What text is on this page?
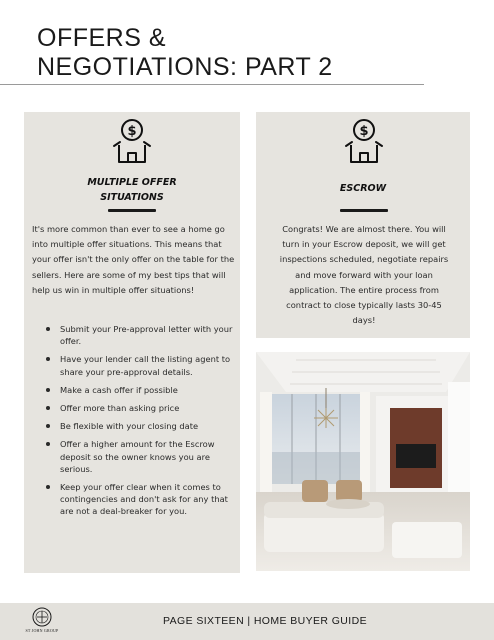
OFFERS &
NEGOTIATIONS: PART 2
$
MULTIPLE OFFER
SITUATIONS

It's more common than ever to see a home go into multiple offer situations. This means that your offer isn't the only offer on the table for the sellers. Here are some of my best tips that will help us win in multiple offer situations!

Submit your Pre-approval letter with your offer.
Have your lender call the listing agent to share your pre-approval details.
Make a cash offer if possible
Offer more than asking price
Be flexible with your closing date
Offer a higher amount for the Escrow deposit so the owner knows you are serious.
Keep your offer clear when it comes to contingencies and don't ask for any that are not a deal-breaker for you.
$
ESCROW

Congrats! We are almost there. You will turn in your Escrow deposit, we will get inspections scheduled, negotiate repairs and move forward with your loan application. The entire process from contract to close typically lasts 30-45 days!

ST JOHN GROUP
PAGE SIXTEEN | HOME BUYER GUIDE
